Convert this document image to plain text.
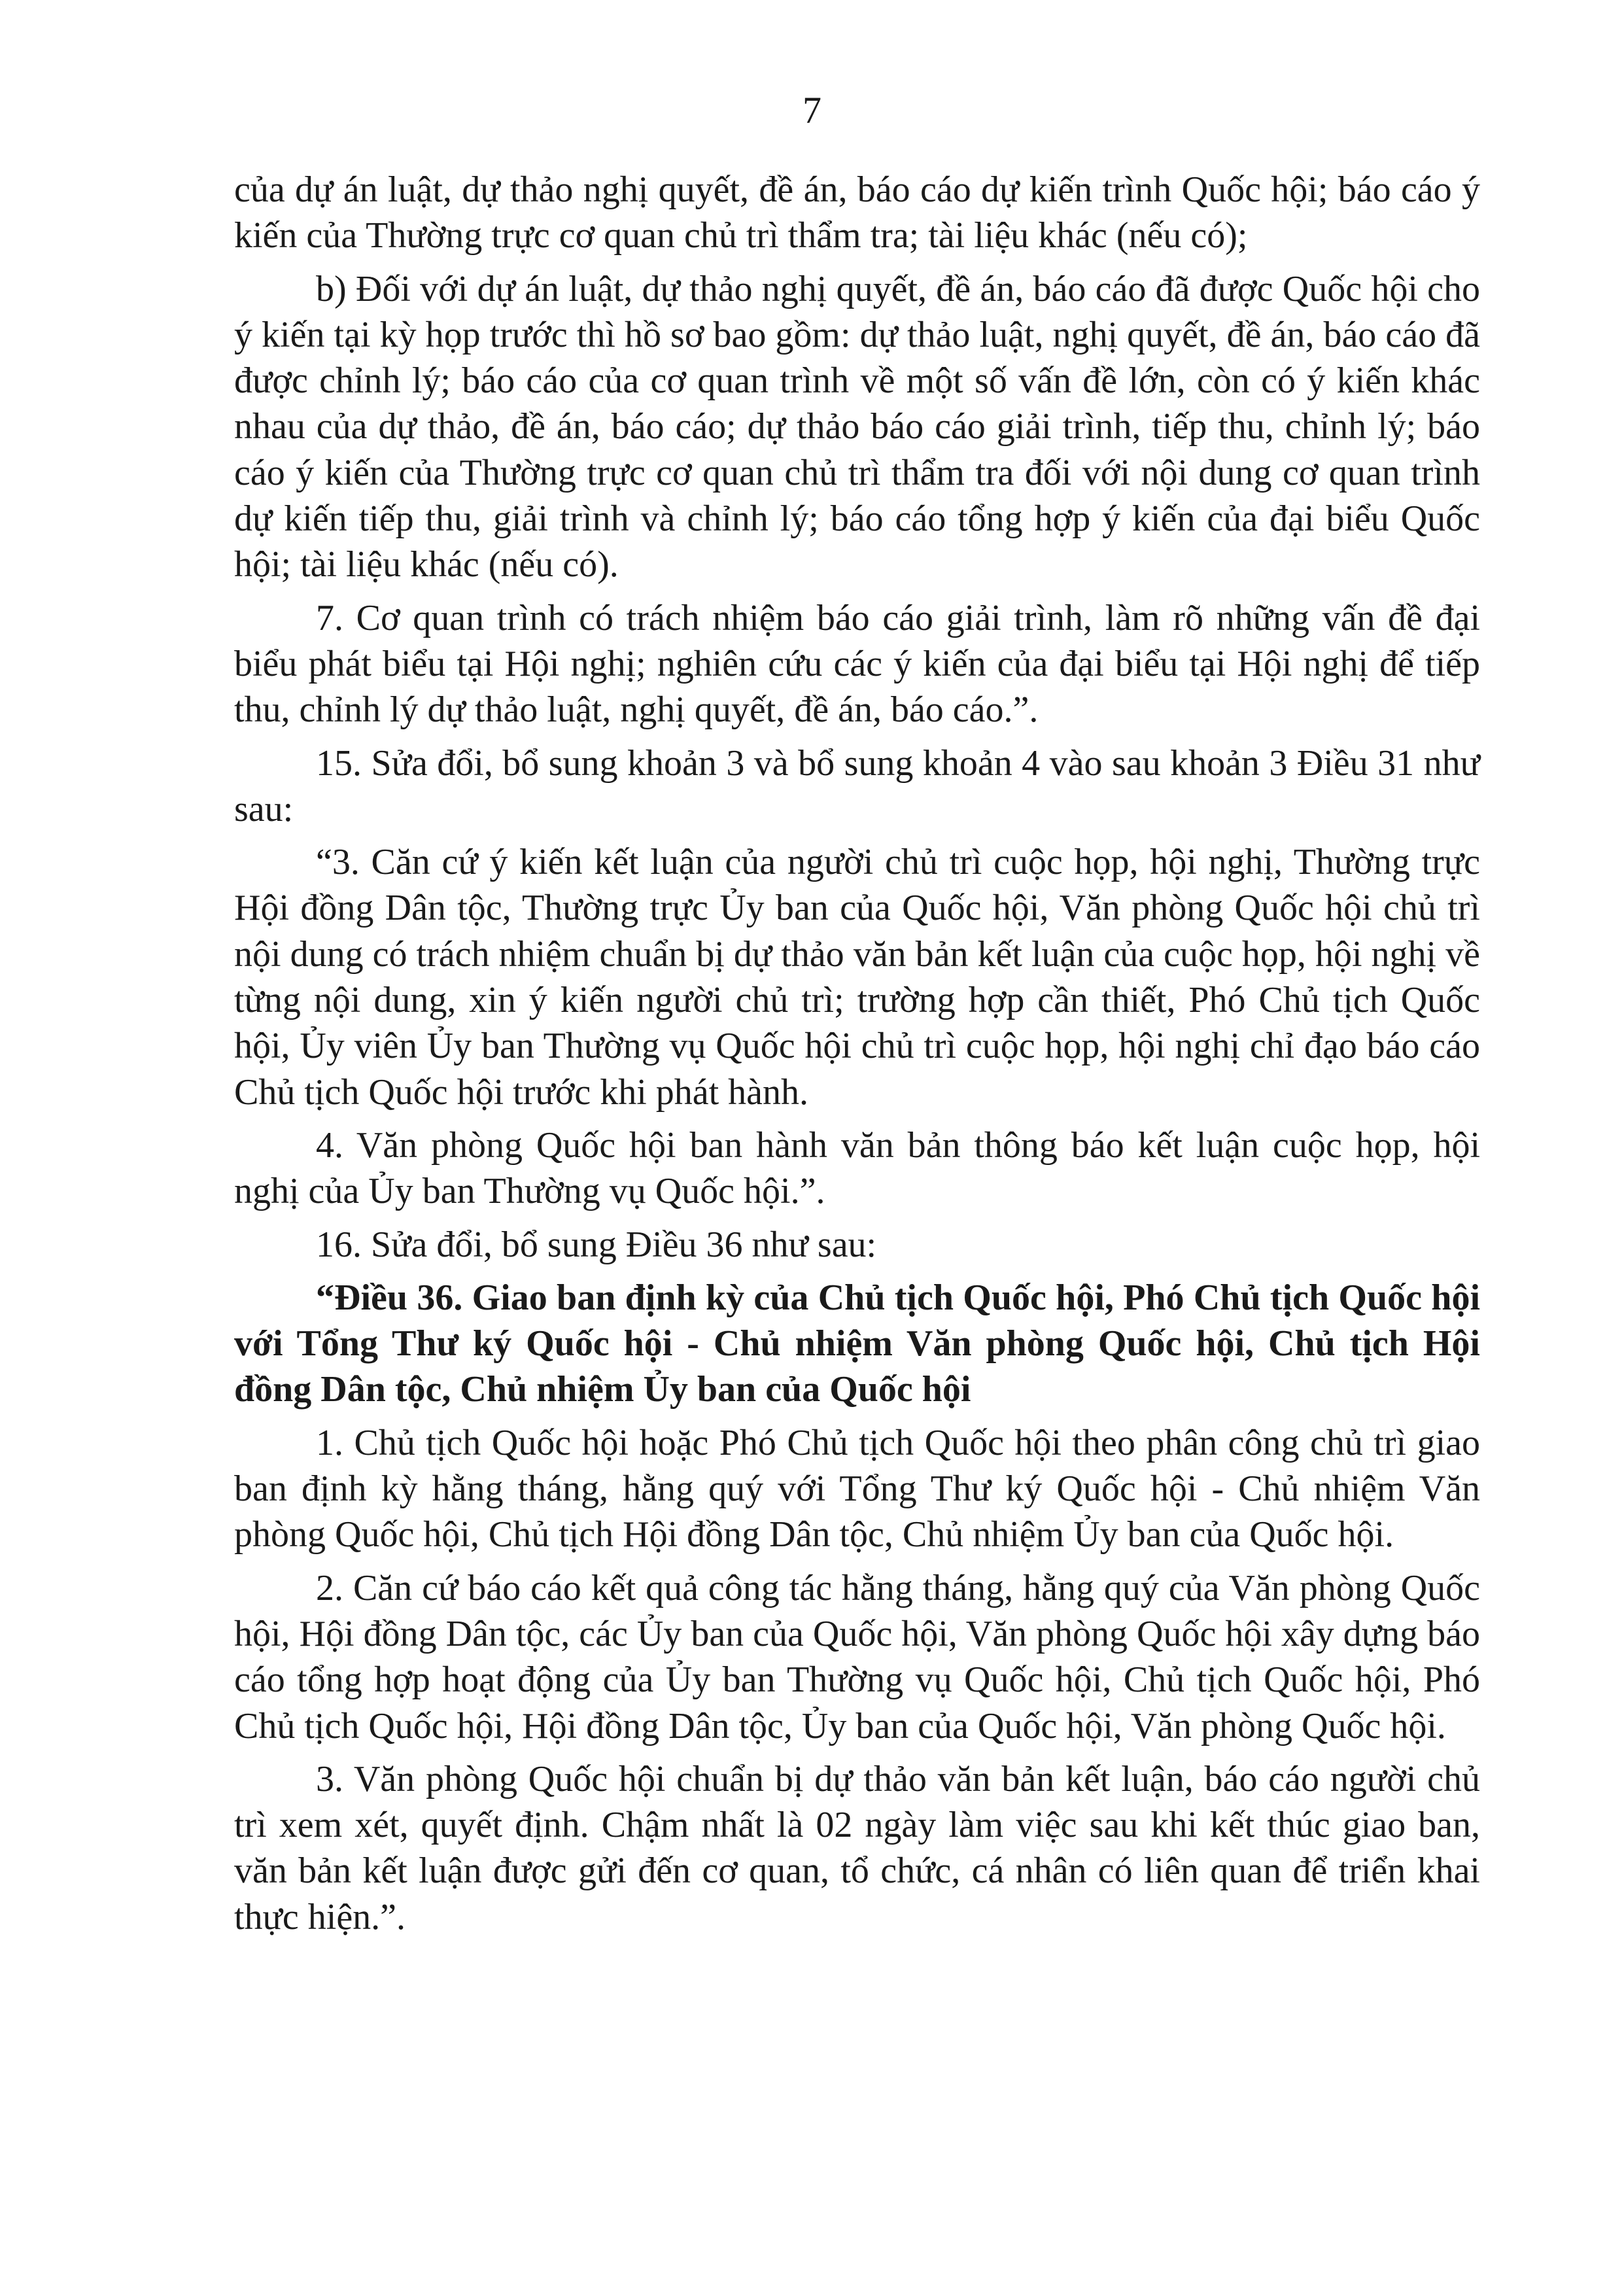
7

của dự án luật, dự thảo nghị quyết, đề án, báo cáo dự kiến trình Quốc hội; báo cáo ý kiến của Thường trực cơ quan chủ trì thẩm tra; tài liệu khác (nếu có);

b) Đối với dự án luật, dự thảo nghị quyết, đề án, báo cáo đã được Quốc hội cho ý kiến tại kỳ họp trước thì hồ sơ bao gồm: dự thảo luật, nghị quyết, đề án, báo cáo đã được chỉnh lý; báo cáo của cơ quan trình về một số vấn đề lớn, còn có ý kiến khác nhau của dự thảo, đề án, báo cáo; dự thảo báo cáo giải trình, tiếp thu, chỉnh lý; báo cáo ý kiến của Thường trực cơ quan chủ trì thẩm tra đối với nội dung cơ quan trình dự kiến tiếp thu, giải trình và chỉnh lý; báo cáo tổng hợp ý kiến của đại biểu Quốc hội; tài liệu khác (nếu có).

7. Cơ quan trình có trách nhiệm báo cáo giải trình, làm rõ những vấn đề đại biểu phát biểu tại Hội nghị; nghiên cứu các ý kiến của đại biểu tại Hội nghị để tiếp thu, chỉnh lý dự thảo luật, nghị quyết, đề án, báo cáo.”.

15. Sửa đổi, bổ sung khoản 3 và bổ sung khoản 4 vào sau khoản 3 Điều 31 như sau:

“3. Căn cứ ý kiến kết luận của người chủ trì cuộc họp, hội nghị, Thường trực Hội đồng Dân tộc, Thường trực Ủy ban của Quốc hội, Văn phòng Quốc hội chủ trì nội dung có trách nhiệm chuẩn bị dự thảo văn bản kết luận của cuộc họp, hội nghị về từng nội dung, xin ý kiến người chủ trì; trường hợp cần thiết, Phó Chủ tịch Quốc hội, Ủy viên Ủy ban Thường vụ Quốc hội chủ trì cuộc họp, hội nghị chỉ đạo báo cáo Chủ tịch Quốc hội trước khi phát hành.

4. Văn phòng Quốc hội ban hành văn bản thông báo kết luận cuộc họp, hội nghị của Ủy ban Thường vụ Quốc hội.”.

16. Sửa đổi, bổ sung Điều 36 như sau:

“Điều 36. Giao ban định kỳ của Chủ tịch Quốc hội, Phó Chủ tịch Quốc hội với Tổng Thư ký Quốc hội - Chủ nhiệm Văn phòng Quốc hội, Chủ tịch Hội đồng Dân tộc, Chủ nhiệm Ủy ban của Quốc hội

1. Chủ tịch Quốc hội hoặc Phó Chủ tịch Quốc hội theo phân công chủ trì giao ban định kỳ hằng tháng, hằng quý với Tổng Thư ký Quốc hội - Chủ nhiệm Văn phòng Quốc hội, Chủ tịch Hội đồng Dân tộc, Chủ nhiệm Ủy ban của Quốc hội.

2. Căn cứ báo cáo kết quả công tác hằng tháng, hằng quý của Văn phòng Quốc hội, Hội đồng Dân tộc, các Ủy ban của Quốc hội, Văn phòng Quốc hội xây dựng báo cáo tổng hợp hoạt động của Ủy ban Thường vụ Quốc hội, Chủ tịch Quốc hội, Phó Chủ tịch Quốc hội, Hội đồng Dân tộc, Ủy ban của Quốc hội, Văn phòng Quốc hội.

3. Văn phòng Quốc hội chuẩn bị dự thảo văn bản kết luận, báo cáo người chủ trì xem xét, quyết định. Chậm nhất là 02 ngày làm việc sau khi kết thúc giao ban, văn bản kết luận được gửi đến cơ quan, tổ chức, cá nhân có liên quan để triển khai thực hiện.”.
